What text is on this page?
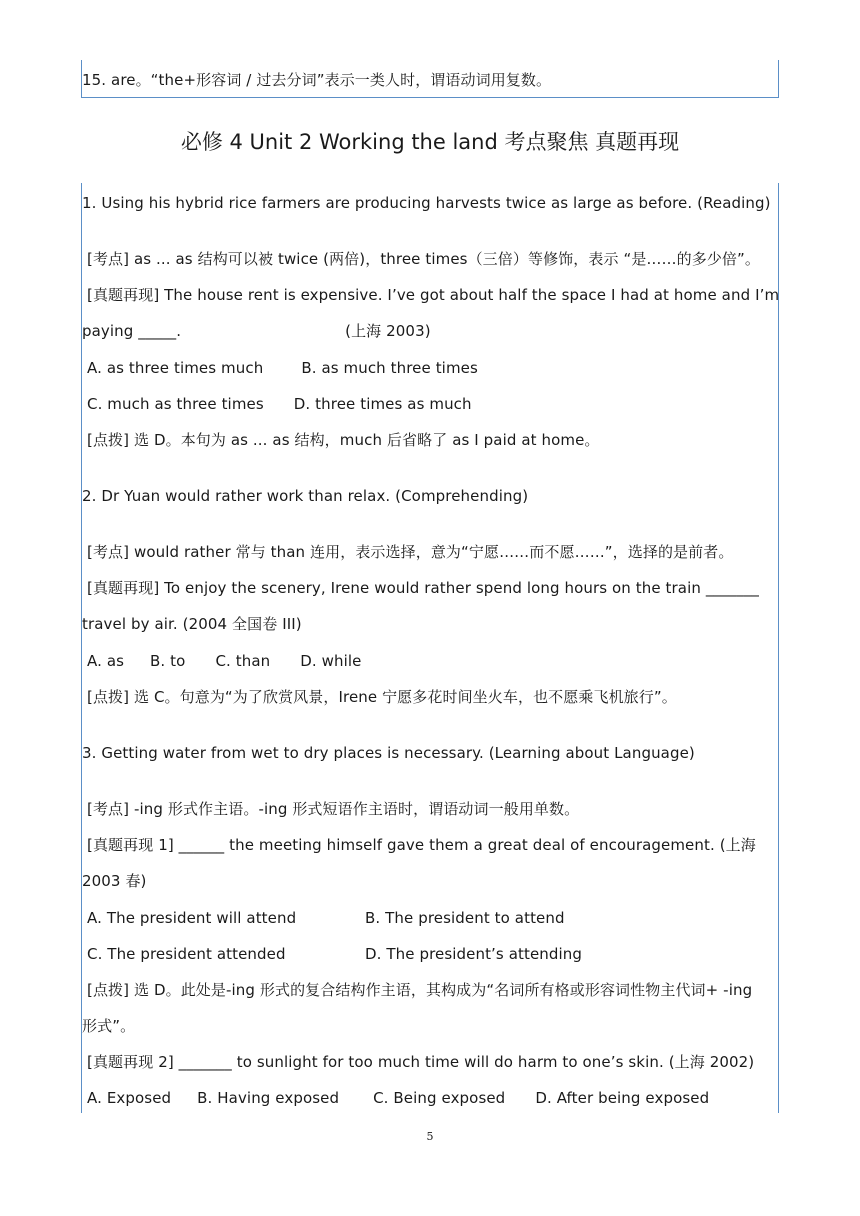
15. are。“the+形容词 / 过去分词”表示一类人时，谓语动词用复数。
必修 4 Unit 2 Working the land 考点聚焦 真题再现
1. Using his hybrid rice farmers are producing harvests twice as large as before. (Reading)
[考点] as ... as 结构可以被 twice (两倍)，three times（三倍）等修饰，表示 “是……的多少倍”。
[真题再现] The house rent is expensive. I’ve got about half the space I had at home and I’m
paying _____.	(上海 2003)
A. as three times much	B. as much three times
C. much as three times D. three times as much
[点拨] 选 D。本句为 as ... as 结构，much 后省略了 as I paid at home。
2. Dr Yuan would rather work than relax. (Comprehending)
[考点] would rather 常与 than 连用，表示选择，意为“宁愿……而不愿……”，选择的是前者。
[真题再现] To enjoy the scenery, Irene would rather spend long hours on the train _______
travel by air. (2004 全国卷 III)
A. as B. to C. than D. while
[点拨] 选 C。句意为“为了欣赏风景，Irene 宁愿多花时间坐火车，也不愿乘飞机旅行”。
3. Getting water from wet to dry places is necessary. (Learning about Language)
[考点] -ing 形式作主语。-ing 形式短语作主语时，谓语动词一般用单数。
[真题再现 1] ______ the meeting himself gave them a great deal of encouragement. (上海
2003 春)
A. The president will attend	B. The president to attend
C. The president attended	D. The president’s attending
[点拨] 选 D。此处是-ing 形式的复合结构作主语，其构成为“名词所有格或形容词性物主代词+ -ing
形式”。
[真题再现 2] _______ to sunlight for too much time will do harm to one’s skin. (上海 2002)
A. Exposed B. Having exposed C. Being exposed D. After being exposed
5
